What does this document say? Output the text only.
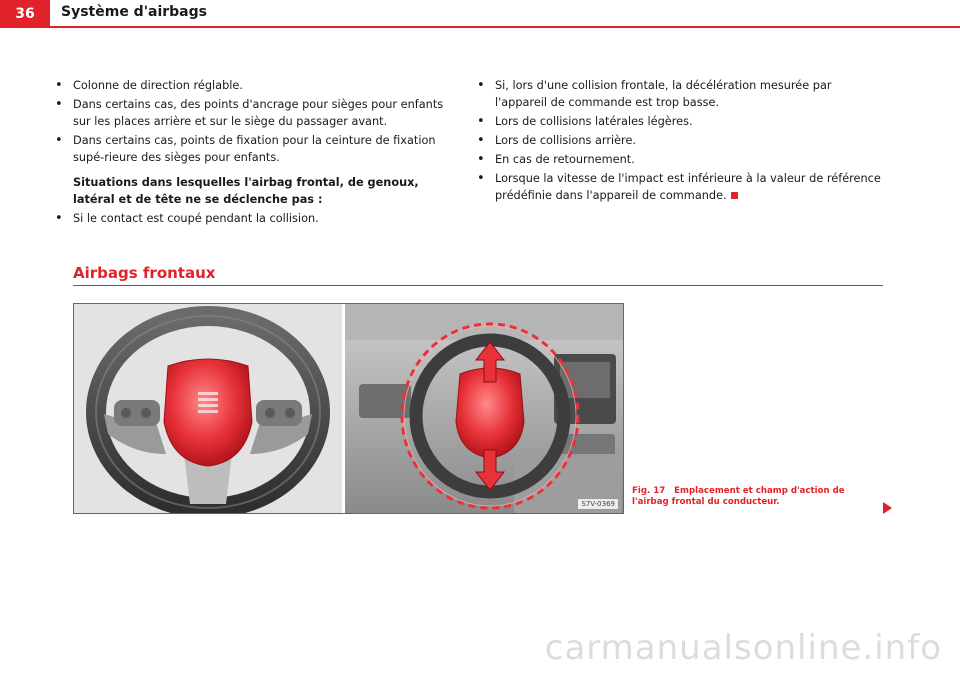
36	Système d'airbags
• Colonne de direction réglable.
• Dans certains cas, des points d'ancrage pour sièges pour enfants sur les places arrière et sur le siège du passager avant.
• Dans certains cas, points de fixation pour la ceinture de fixation supé-rieure des sièges pour enfants.
Situations dans lesquelles l'airbag frontal, de genoux, latéral et de tête ne se déclenche pas :
• Si le contact est coupé pendant la collision.
• Si, lors d'une collision frontale, la décélération mesurée par l'appareil de commande est trop basse.
• Lors de collisions latérales légères.
• Lors de collisions arrière.
• En cas de retournement.
• Lorsque la vitesse de l'impact est inférieure à la valeur de référence prédéfinie dans l'appareil de commande.
Airbags frontaux
S7V-0369
Fig. 17 Emplacement et champ d'action de l'airbag frontal du conducteur.
carmanualsonline.info
